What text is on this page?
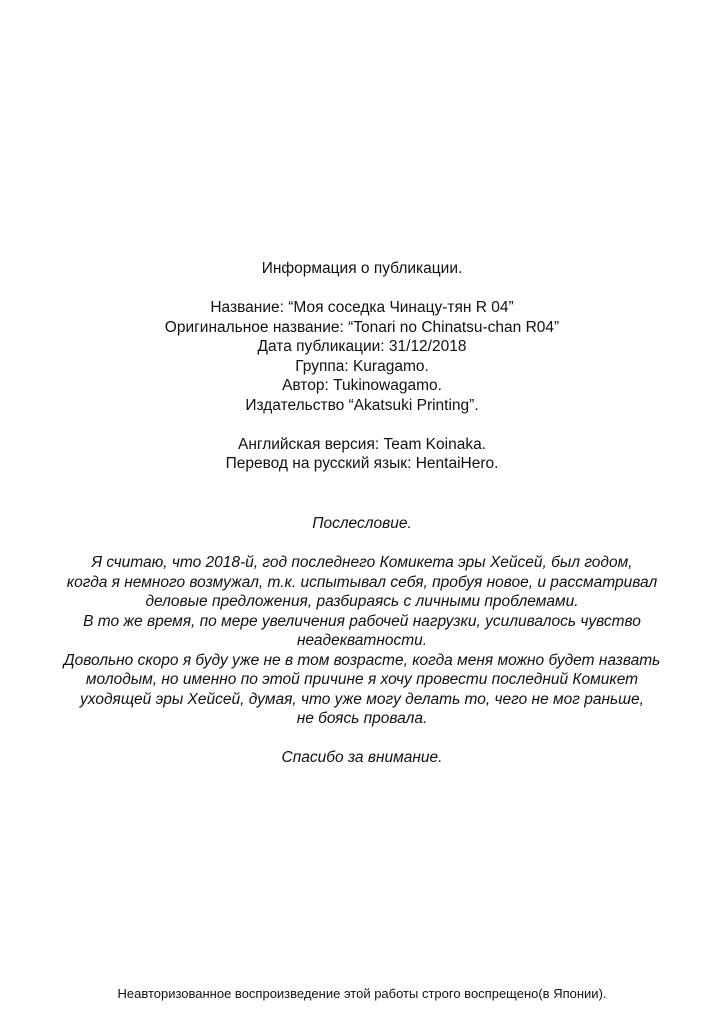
Информация о публикации.
Название: “Моя соседка Чинацу-тян R 04”
Оригинальное название: “Tonari no Chinatsu-chan R04”
Дата публикации: 31/12/2018
Группа: Kuragamo.
Автор: Tukinowagamo.
Издательство “Akatsuki Printing”.
Английская версия: Team Koinaka.
Перевод на русский язык: HentaiHero.
Послесловие.
Я считаю, что 2018-й, год последнего Комикета эры Хейсей, был годом,
когда я немного возмужал, т.к. испытывал себя, пробуя новое, и рассматривал
деловые предложения, разбираясь с личными проблемами.
В то же время, по мере увеличения рабочей нагрузки, усиливалось чувство
неадекватности.
Довольно скоро я буду уже не в том возрасте, когда меня можно будет назвать
молодым, но именно по этой причине я хочу провести последний Комикет
уходящей эры Хейсей, думая, что уже могу делать то, чего не мог раньше,
не боясь провала.
Спасибо за внимание.
Неавторизованное воспроизведение этой работы строго воспрещено(в Японии).
